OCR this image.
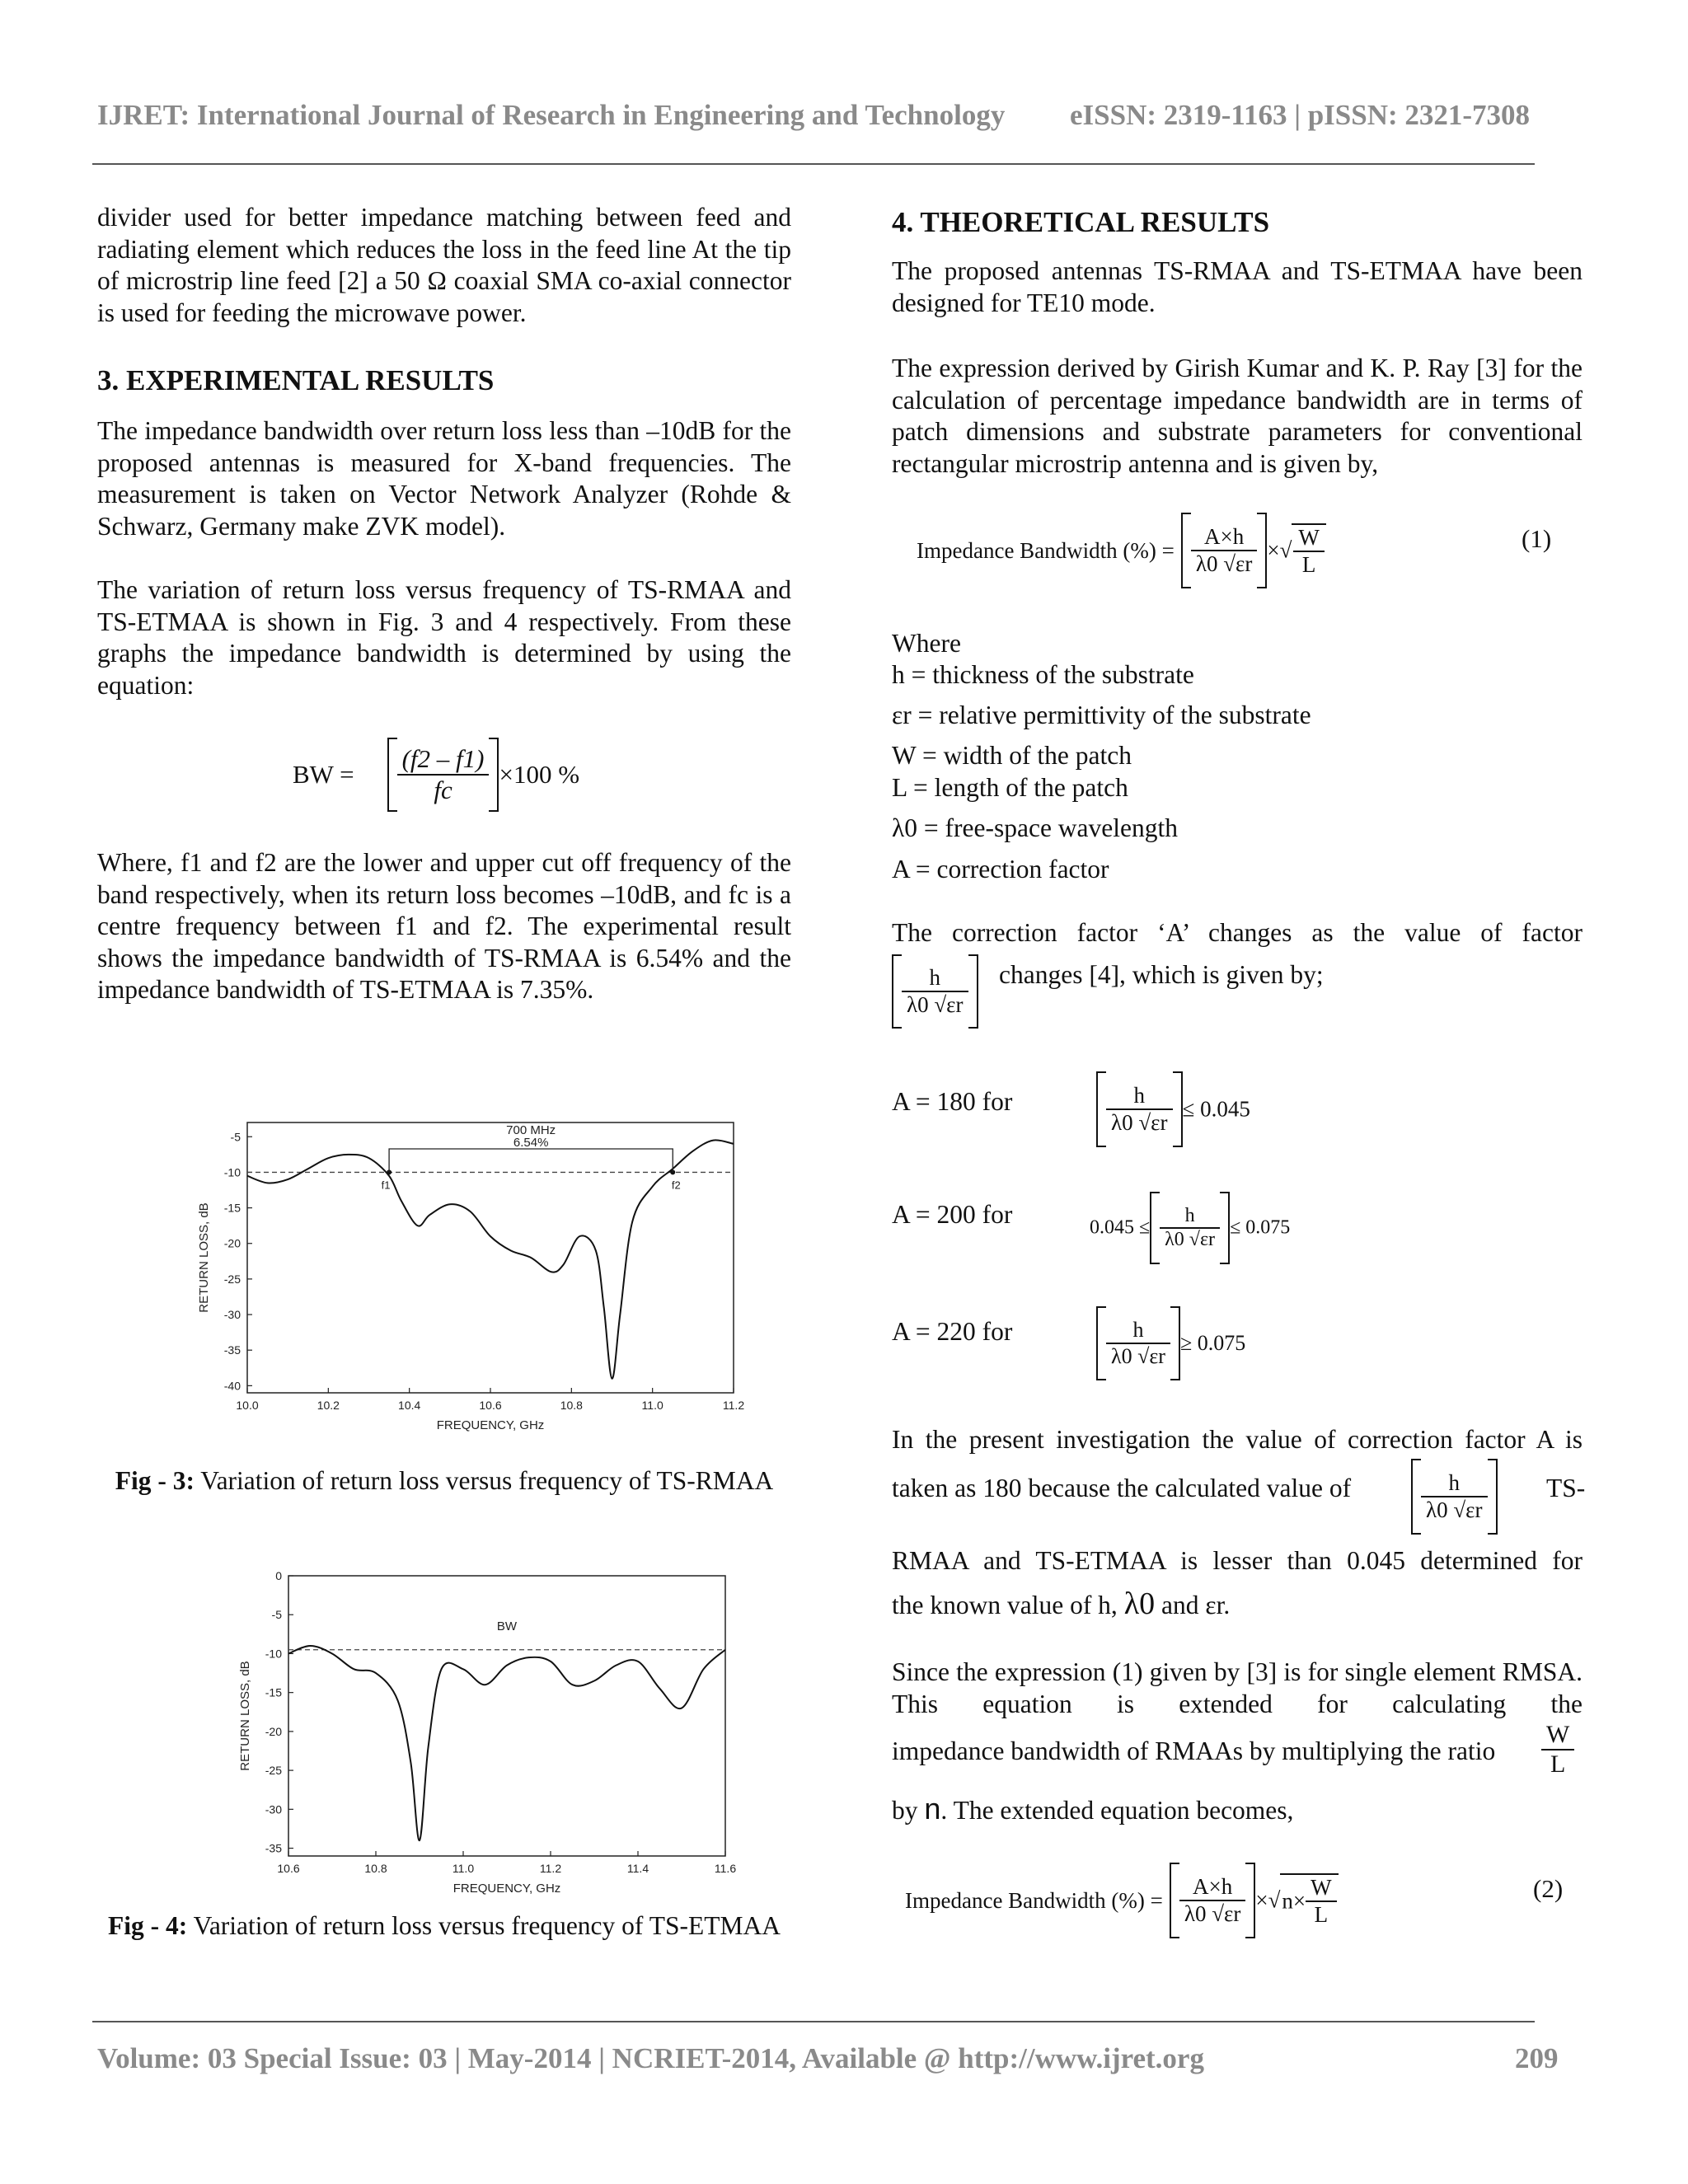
IJRET: International Journal of Research in Engineering and Technology eISSN: 2319-1163 | pISSN: 2321-7308
divider used for better impedance matching between feed and radiating element which reduces the loss in the feed line At the tip of microstrip line feed [2] a 50 Ω coaxial SMA co-axial connector is used for feeding the microwave power.
3. EXPERIMENTAL RESULTS
The impedance bandwidth over return loss less than –10dB for the proposed antennas is measured for X-band frequencies. The measurement is taken on Vector Network Analyzer (Rohde & Schwarz, Germany make ZVK model).
The variation of return loss versus frequency of TS-RMAA and TS-ETMAA is shown in Fig. 3 and 4 respectively. From these graphs the impedance bandwidth is determined by using the equation:
BW = $\frac{(f2 - f1)}{fc} \times 100$ %
Where, f1 and f2 are the lower and upper cut off frequency of the band respectively, when its return loss becomes –10dB, and fc is a centre frequency between f1 and f2. The experimental result shows the impedance bandwidth of TS-RMAA is 6.54% and the impedance bandwidth of TS-ETMAA is 7.35%.
10.0	10.2	10.4	10.6	10.8	11.0	11.2
-5
-10
-15
-20
-25
-30
-35
-40
FREQUENCY, GHz
RETURN LOSS, dB
700 MHz
6.54%
f1	f2
Fig - 3: Variation of return loss versus frequency of TS-RMAA
10.6	10.8	11.0	11.2	11.4	11.6
0
-5
-10
-15
-20
-25
-30
-35
FREQUENCY, GHz
RETURN LOSS, dB
BW
Fig - 4: Variation of return loss versus frequency of TS-ETMAA
4. THEORETICAL RESULTS
The proposed antennas TS-RMAA and TS-ETMAA have been designed for TE10 mode.
The expression derived by Girish Kumar and K. P. Ray [3] for the calculation of percentage impedance bandwidth are in terms of patch dimensions and substrate parameters for conventional rectangular microstrip antenna and is given by,
Impedance Bandwidth (%) = $\frac{A\times h}{\lambda 0 √\varepsilon r}$ ×√ $\frac{W}{L}$	(1)
Where
h = thickness of the substrate
εr = relative permittivity of the substrate
W = width of the patch
L = length of the patch
λ0 = free-space wavelength
A = correction factor
The correction factor ‘A’ changes as the value of factor
$\frac{h}{\lambda 0 √\varepsilon r}$ changes [4], which is given by;
A = 180 for	$\frac{h}{\lambda 0 √\varepsilon r} \le 0.045$
A = 200 for	$0.045 \le \frac{h}{\lambda 0 √\varepsilon r} \le 0.075$
A = 220 for	$\frac{h}{\lambda 0 √\varepsilon r} \ge 0.075$
In the present investigation the value of correction factor A is
taken as 180 because the calculated value of	$\frac{h}{\lambda 0 √\varepsilon r} TS-$
RMAA and TS-ETMAA is lesser than 0.045 determined for
the known value of h, λ0 and εr.
Since the expression (1) given by [3] is for single element RMSA. This equation is extended for calculating the
impedance bandwidth of RMAAs by multiplying the ratio $\frac{W}{L}$
by n. The extended equation becomes,
Impedance Bandwidth (%) = $\frac{A\times h}{\lambda 0 √\varepsilon r} \times√n\times \frac{W}{L}$	(2)
Volume: 03 Special Issue: 03 | May-2014 | NCRIET-2014, Available @ http://www.ijret.org	209
